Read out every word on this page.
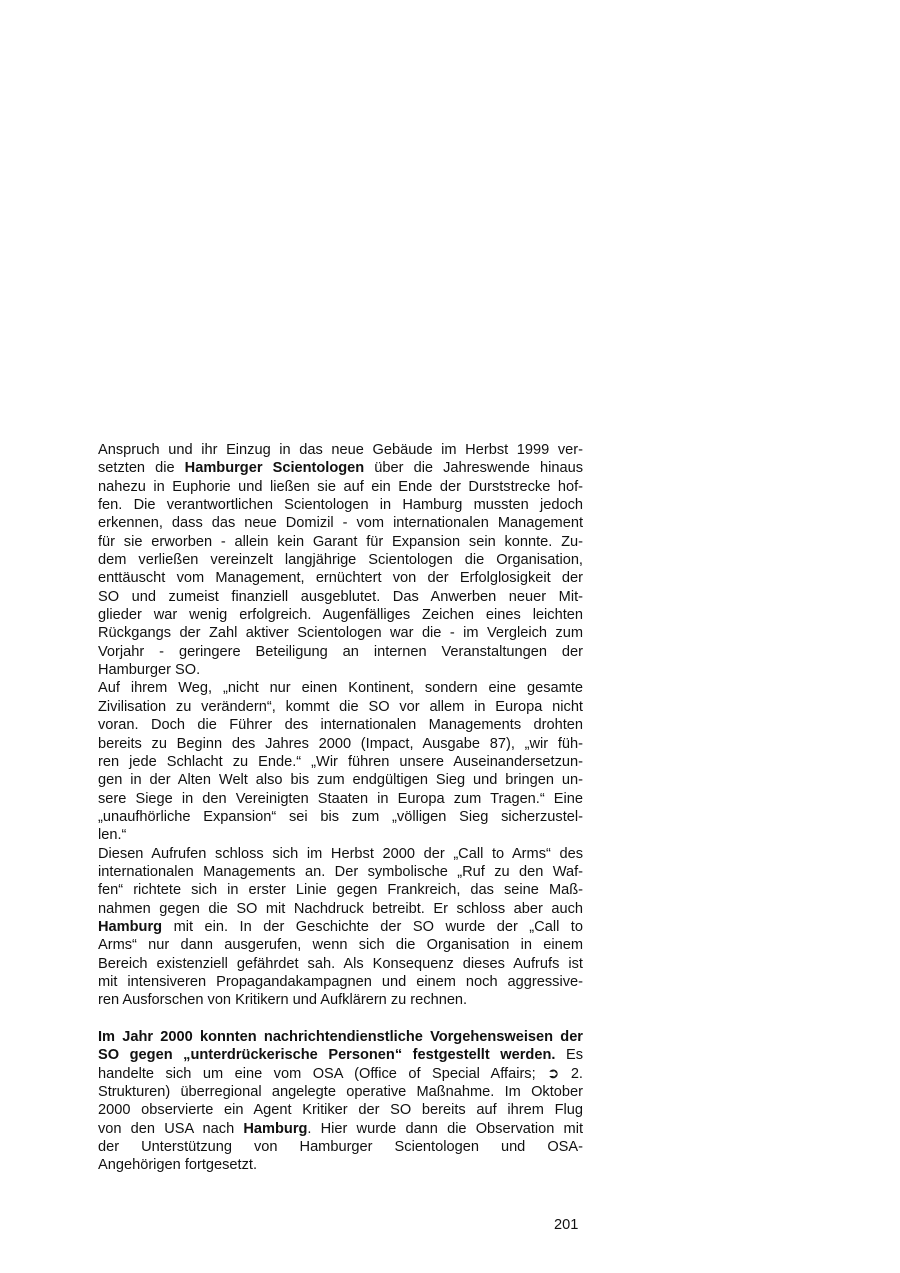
Anspruch und ihr Einzug in das neue Gebäude im Herbst 1999 ver-
setzten die Hamburger Scientologen über die Jahreswende hinaus
nahezu in Euphorie und ließen sie auf ein Ende der Durststrecke hof-
fen. Die verantwortlichen Scientologen in Hamburg mussten jedoch
erkennen, dass das neue Domizil - vom internationalen Management
für sie erworben - allein kein Garant für Expansion sein konnte. Zu-
dem verließen vereinzelt langjährige Scientologen die Organisation,
enttäuscht vom Management, ernüchtert von der Erfolglosigkeit der
SO und zumeist finanziell ausgeblutet. Das Anwerben neuer Mit-
glieder war wenig erfolgreich. Augenfälliges Zeichen eines leichten
Rückgangs der Zahl aktiver Scientologen war die - im Vergleich zum
Vorjahr - geringere Beteiligung an internen Veranstaltungen der
Hamburger SO.
Auf ihrem Weg, „nicht nur einen Kontinent, sondern eine gesamte
Zivilisation zu verändern“, kommt die SO vor allem in Europa nicht
voran. Doch die Führer des internationalen Managements drohten
bereits zu Beginn des Jahres 2000 (Impact, Ausgabe 87), „wir füh-
ren jede Schlacht zu Ende.“ „Wir führen unsere Auseinandersetzun-
gen in der Alten Welt also bis zum endgültigen Sieg und bringen un-
sere Siege in den Vereinigten Staaten in Europa zum Tragen.“ Eine
„unaufhörliche Expansion“ sei bis zum „völligen Sieg sicherzustel-
len.“
Diesen Aufrufen schloss sich im Herbst 2000 der „Call to Arms“ des
internationalen Managements an. Der symbolische „Ruf zu den Waf-
fen“ richtete sich in erster Linie gegen Frankreich, das seine Maß-
nahmen gegen die SO mit Nachdruck betreibt. Er schloss aber auch
Hamburg mit ein. In der Geschichte der SO wurde der „Call to
Arms“ nur dann ausgerufen, wenn sich die Organisation in einem
Bereich existenziell gefährdet sah. Als Konsequenz dieses Aufrufs ist
mit intensiveren Propagandakampagnen und einem noch aggressive-
ren Ausforschen von Kritikern und Aufklärern zu rechnen.
Im Jahr 2000 konnten nachrichtendienstliche Vorgehensweisen der
SO gegen „unterdrückerische Personen“ festgestellt werden. Es
handelte sich um eine vom OSA (Office of Special Affairs; ➲ 2.
Strukturen) überregional angelegte operative Maßnahme. Im Oktober
2000 observierte ein Agent Kritiker der SO bereits auf ihrem Flug
von den USA nach Hamburg. Hier wurde dann die Observation mit
der Unterstützung von Hamburger Scientologen und OSA-
Angehörigen fortgesetzt.
201
